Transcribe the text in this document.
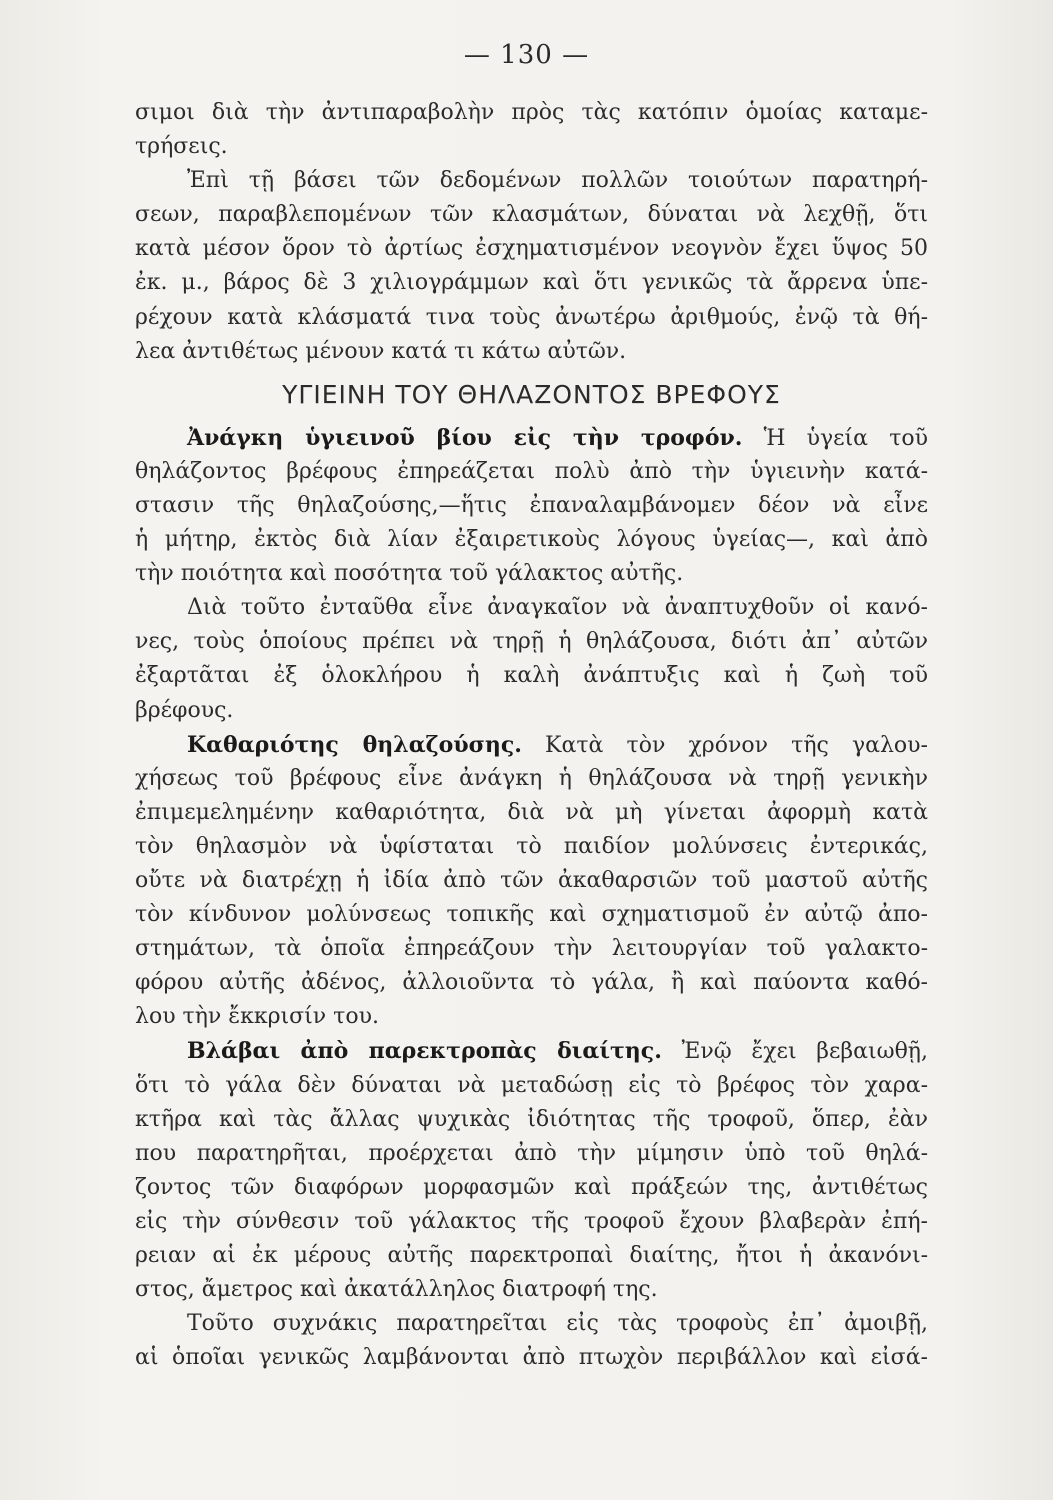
— 130 —
σιμοι διὰ τὴν ἀντιπαραβολὴν πρὸς τὰς κατόπιν ὁμοίας καταμε-
τρήσεις.
Ἐπὶ τῇ βάσει τῶν δεδομένων πολλῶν τοιούτων παρατηρή-
σεων, παραβλεπομένων τῶν κλασμάτων, δύναται νὰ λεχθῇ, ὅτι
κατὰ μέσον ὅρον τὸ ἀρτίως ἐσχηματισμένον νεογνὸν ἔχει ὕψος 50
ἐκ. μ., βάρος δὲ 3 χιλιογράμμων καὶ ὅτι γενικῶς τὰ ἄρρενα ὑπε-
ρέχουν κατὰ κλάσματά τινα τοὺς ἀνωτέρω ἀριθμούς, ἐνῷ τὰ θή-
λεα ἀντιθέτως μένουν κατά τι κάτω αὐτῶν.
ΥΓΙΕΙΝΗ ΤΟΥ ΘΗΛΑΖΟΝΤΟΣ ΒΡΕΦΟΥΣ
Ἀνάγκη ὑγιεινοῦ βίου εἰς τὴν τροφόν. Ἡ ὑγεία τοῦ
θηλάζοντος βρέφους ἐπηρεάζεται πολὺ ἀπὸ τὴν ὑγιεινὴν κατά-
στασιν τῆς θηλαζούσης,—ἥτις ἐπαναλαμβάνομεν δέον νὰ εἶνε
ἡ μήτηρ, ἐκτὸς διὰ λίαν ἐξαιρετικοὺς λόγους ὑγείας—, καὶ ἀπὸ
τὴν ποιότητα καὶ ποσότητα τοῦ γάλακτος αὐτῆς.
Διὰ τοῦτο ἐνταῦθα εἶνε ἀναγκαῖον νὰ ἀναπτυχθοῦν οἱ κανό-
νες, τοὺς ὁποίους πρέπει νὰ τηρῇ ἡ θηλάζουσα, διότι ἀπ᾽ αὐτῶν
ἐξαρτᾶται ἐξ ὁλοκλήρου ἡ καλὴ ἀνάπτυξις καὶ ἡ ζωὴ τοῦ
βρέφους.
Καθαριότης θηλαζούσης. Κατὰ τὸν χρόνον τῆς γαλου-
χήσεως τοῦ βρέφους εἶνε ἀνάγκη ἡ θηλάζουσα νὰ τηρῇ γενικὴν
ἐπιμεμελημένην καθαριότητα, διὰ νὰ μὴ γίνεται ἀφορμὴ κατὰ
τὸν θηλασμὸν νὰ ὑφίσταται τὸ παιδίον μολύνσεις ἐντερικάς,
οὔτε νὰ διατρέχῃ ἡ ἰδία ἀπὸ τῶν ἀκαθαρσιῶν τοῦ μαστοῦ αὐτῆς
τὸν κίνδυνον μολύνσεως τοπικῆς καὶ σχηματισμοῦ ἐν αὐτῷ ἀπο-
στημάτων, τὰ ὁποῖα ἐπηρεάζουν τὴν λειτουργίαν τοῦ γαλακτο-
φόρου αὐτῆς ἀδένος, ἀλλοιοῦντα τὸ γάλα, ἢ καὶ παύοντα καθό-
λου τὴν ἔκκρισίν του.
Βλάβαι ἀπὸ παρεκτροπὰς διαίτης. Ἐνῷ ἔχει βεβαιωθῇ,
ὅτι τὸ γάλα δὲν δύναται νὰ μεταδώσῃ εἰς τὸ βρέφος τὸν χαρα-
κτῆρα καὶ τὰς ἄλλας ψυχικὰς ἰδιότητας τῆς τροφοῦ, ὅπερ, ἐὰν
που παρατηρῆται, προέρχεται ἀπὸ τὴν μίμησιν ὑπὸ τοῦ θηλά-
ζοντος τῶν διαφόρων μορφασμῶν καὶ πράξεών της, ἀντιθέτως
εἰς τὴν σύνθεσιν τοῦ γάλακτος τῆς τροφοῦ ἔχουν βλαβερὰν ἐπή-
ρειαν αἱ ἐκ μέρους αὐτῆς παρεκτροπαὶ διαίτης, ἤτοι ἡ ἀκανόνι-
στος, ἄμετρος καὶ ἀκατάλληλος διατροφή της.
Τοῦτο συχνάκις παρατηρεῖται εἰς τὰς τροφοὺς ἐπ᾽ ἀμοιβῇ,
αἱ ὁποῖαι γενικῶς λαμβάνονται ἀπὸ πτωχὸν περιβάλλον καὶ εἰσά-
